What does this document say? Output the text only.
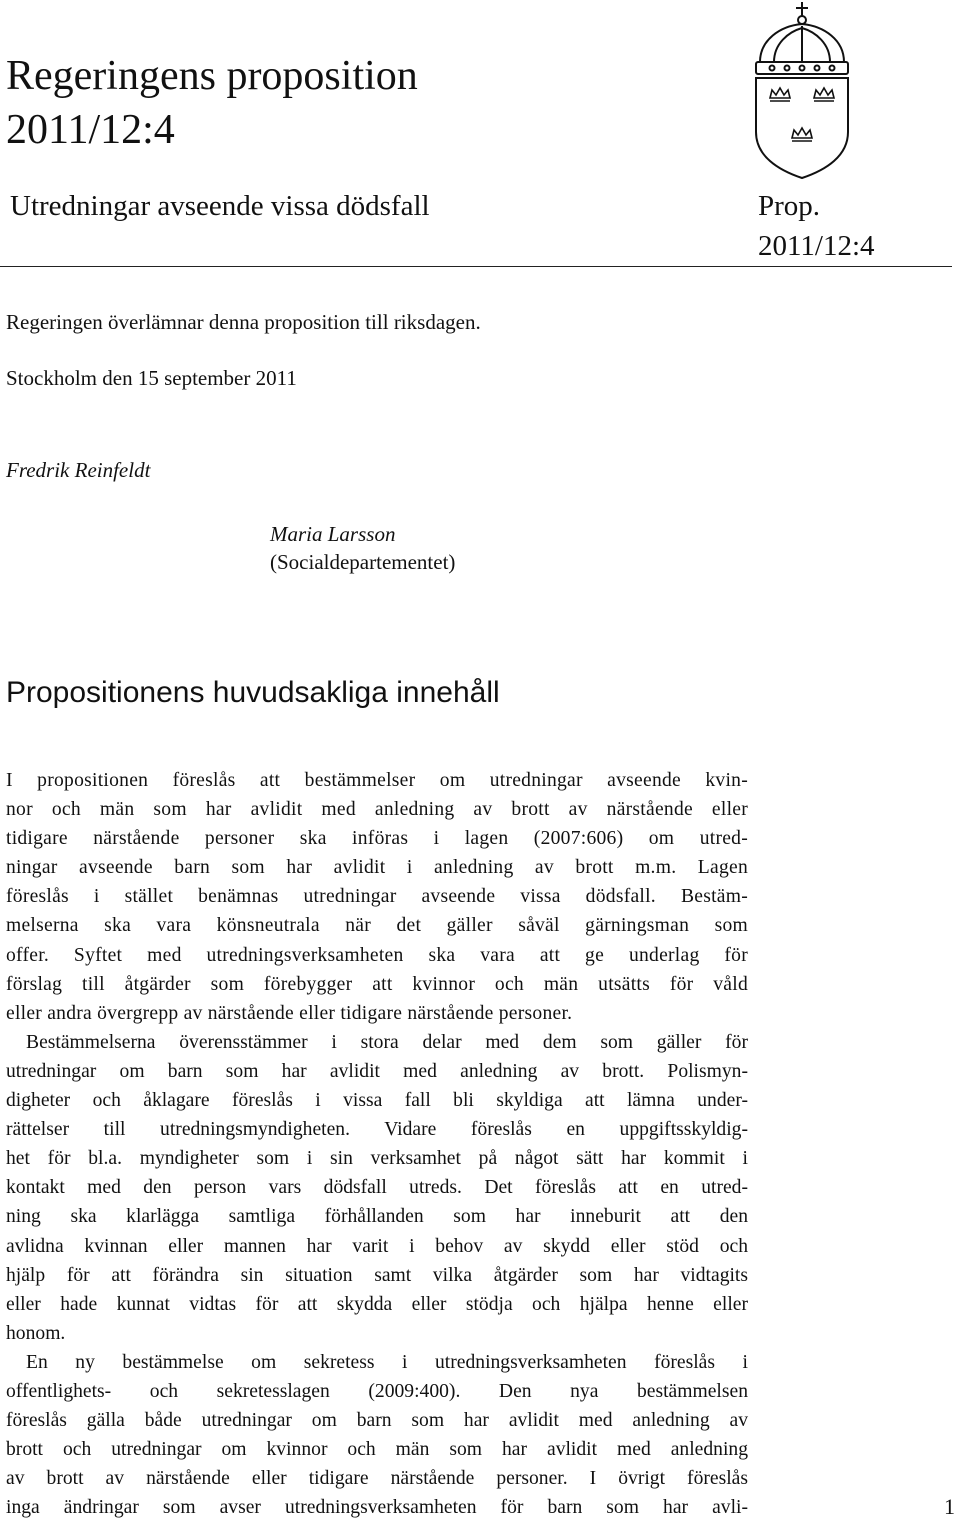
Regeringens proposition
2011/12:4
Utredningar avseende vissa dödsfall	Prop.
2011/12:4
Regeringen överlämnar denna proposition till riksdagen.
Stockholm den 15 september 2011
Fredrik Reinfeldt
Maria Larsson
(Socialdepartementet)
Propositionens huvudsakliga innehåll
I propositionen föreslås att bestämmelser om utredningar avseende kvin-
nor och män som har avlidit med anledning av brott av närstående eller
tidigare närstående personer ska införas i lagen (2007:606) om utred-
ningar avseende barn som har avlidit i anledning av brott m.m. Lagen
föreslås i stället benämnas utredningar avseende vissa dödsfall. Bestäm-
melserna ska vara könsneutrala när det gäller såväl gärningsman som
offer. Syftet med utredningsverksamheten ska vara att ge underlag för
förslag till åtgärder som förebygger att kvinnor och män utsätts för våld
eller andra övergrepp av närstående eller tidigare närstående personer.
Bestämmelserna överensstämmer i stora delar med dem som gäller för
utredningar om barn som har avlidit med anledning av brott. Polismyn-
digheter och åklagare föreslås i vissa fall bli skyldiga att lämna under-
rättelser till utredningsmyndigheten. Vidare föreslås en uppgiftsskyldig-
het för bl.a. myndigheter som i sin verksamhet på något sätt har kommit i
kontakt med den person vars dödsfall utreds. Det föreslås att en utred-
ning ska klarlägga samtliga förhållanden som har inneburit att den
avlidna kvinnan eller mannen har varit i behov av skydd eller stöd och
hjälp för att förändra sin situation samt vilka åtgärder som har vidtagits
eller hade kunnat vidtas för att skydda eller stödja och hjälpa henne eller
honom.
En ny bestämmelse om sekretess i utredningsverksamheten föreslås i
offentlighets- och sekretesslagen (2009:400). Den nya bestämmelsen
föreslås gälla både utredningar om barn som har avlidit med anledning av
brott och utredningar om kvinnor och män som har avlidit med anledning
av brott av närstående eller tidigare närstående personer. I övrigt föreslås
inga ändringar som avser utredningsverksamheten för barn som har avli-	1
